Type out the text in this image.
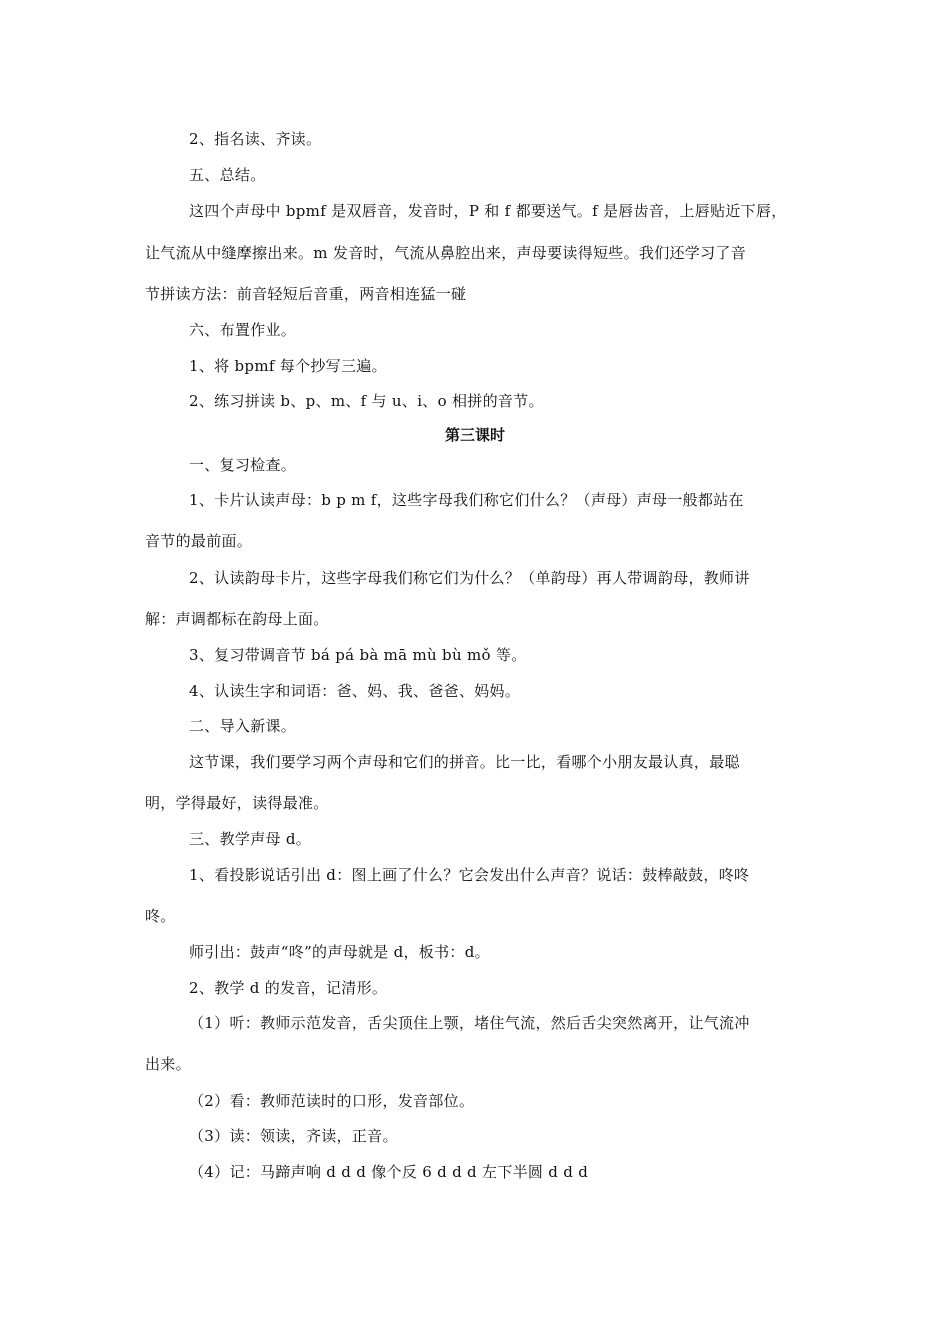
2、指名读、齐读。
五、总结。
这四个声母中 bpmf 是双唇音，发音时，P 和 f 都要送气。f 是唇齿音，上唇贴近下唇，
让气流从中缝摩擦出来。m 发音时，气流从鼻腔出来，声母要读得短些。我们还学习了音
节拼读方法：前音轻短后音重，两音相连猛一碰
六、布置作业。
1、将 bpmf 每个抄写三遍。
2、练习拼读 b、p、m、f 与 u、i、o 相拼的音节。
第三课时
一、复习检查。
1、卡片认读声母：b p m f，这些字母我们称它们什么？（声母）声母一般都站在
音节的最前面。
2、认读韵母卡片，这些字母我们称它们为什么？（单韵母）再人带调韵母，教师讲
解：声调都标在韵母上面。
3、复习带调音节 bá pá bà mā mù bù mǒ 等。
4、认读生字和词语：爸、妈、我、爸爸、妈妈。
二、导入新课。
这节课，我们要学习两个声母和它们的拼音。比一比，看哪个小朋友最认真，最聪
明，学得最好，读得最准。
三、教学声母 d。
1、看投影说话引出 d：图上画了什么？它会发出什么声音？说话：鼓棒敲鼓，咚咚
咚。
师引出：鼓声“咚”的声母就是 d，板书：d。
2、教学 d 的发音，记清形。
（1）听：教师示范发音，舌尖顶住上颚，堵住气流，然后舌尖突然离开，让气流冲
出来。
（2）看：教师范读时的口形，发音部位。
（3）读：领读，齐读，正音。
（4）记：马蹄声响 d d d 像个反 6 d d d 左下半圆 d d d
